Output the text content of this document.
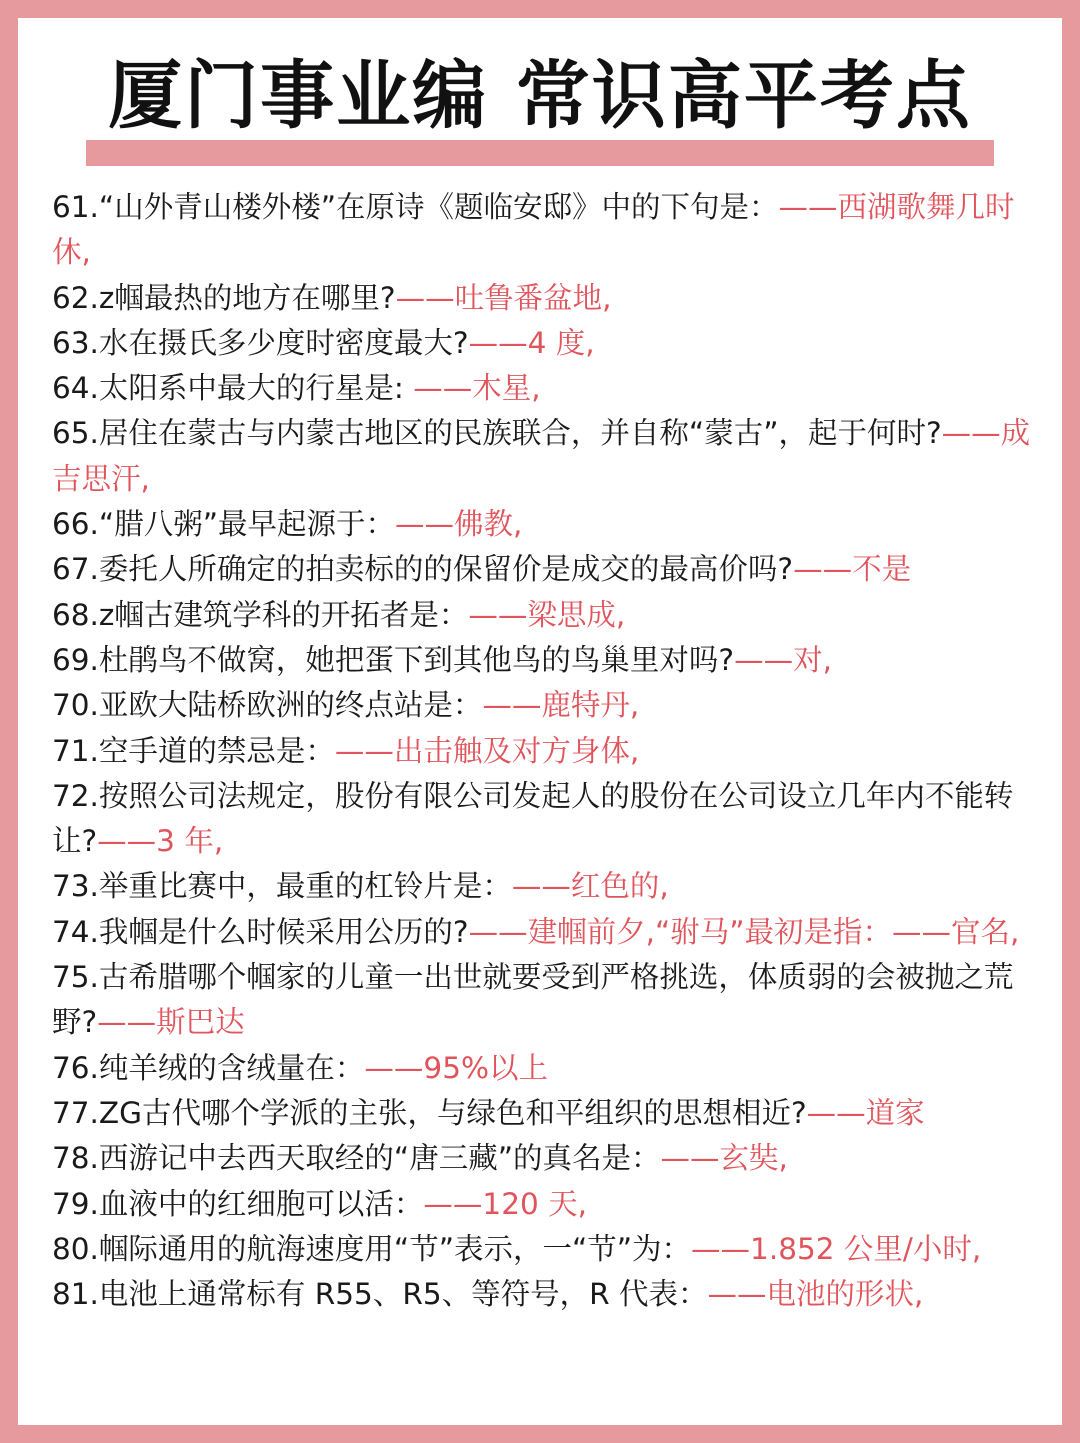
厦门事业编 常识高平考点
61.“山外青山楼外楼”在原诗《题临安邸》中的下句是：——西湖歌舞几时休,
62.z帼最热的地方在哪里?——吐鲁番盆地,
63.水在摄氏多少度时密度最大?——4 度,
64.太阳系中最大的行星是: ——木星,
65.居住在蒙古与内蒙古地区的民族联合，并自称“蒙古”，起于何时?——成吉思汗,
66.“腊八粥”最早起源于：——佛教,
67.委托人所确定的拍卖标的的保留价是成交的最高价吗?——不是
68.z帼古建筑学科的开拓者是：——梁思成,
69.杜鹃鸟不做窝，她把蛋下到其他鸟的鸟巢里对吗?——对,
70.亚欧大陆桥欧洲的终点站是：——鹿特丹,
71.空手道的禁忌是：——出击触及对方身体,
72.按照公司法规定，股份有限公司发起人的股份在公司设立几年内不能转让?——3 年,
73.举重比赛中，最重的杠铃片是：——红色的,
74.我帼是什么时候采用公历的?——建帼前夕,“驸马”最初是指：——官名,
75.古希腊哪个帼家的儿童一出世就要受到严格挑选，体质弱的会被抛之荒野?——斯巴达
76.纯羊绒的含绒量在：——95%以上
77.ZG古代哪个学派的主张，与绿色和平组织的思想相近?——道家
78.西游记中去西天取经的“唐三藏”的真名是：——玄奘,
79.血液中的红细胞可以活：——120 天,
80.帼际通用的航海速度用“节”表示，一“节”为：——1.852 公里/小时,
81.电池上通常标有 R55、R5、等符号，R 代表：——电池的形状,
